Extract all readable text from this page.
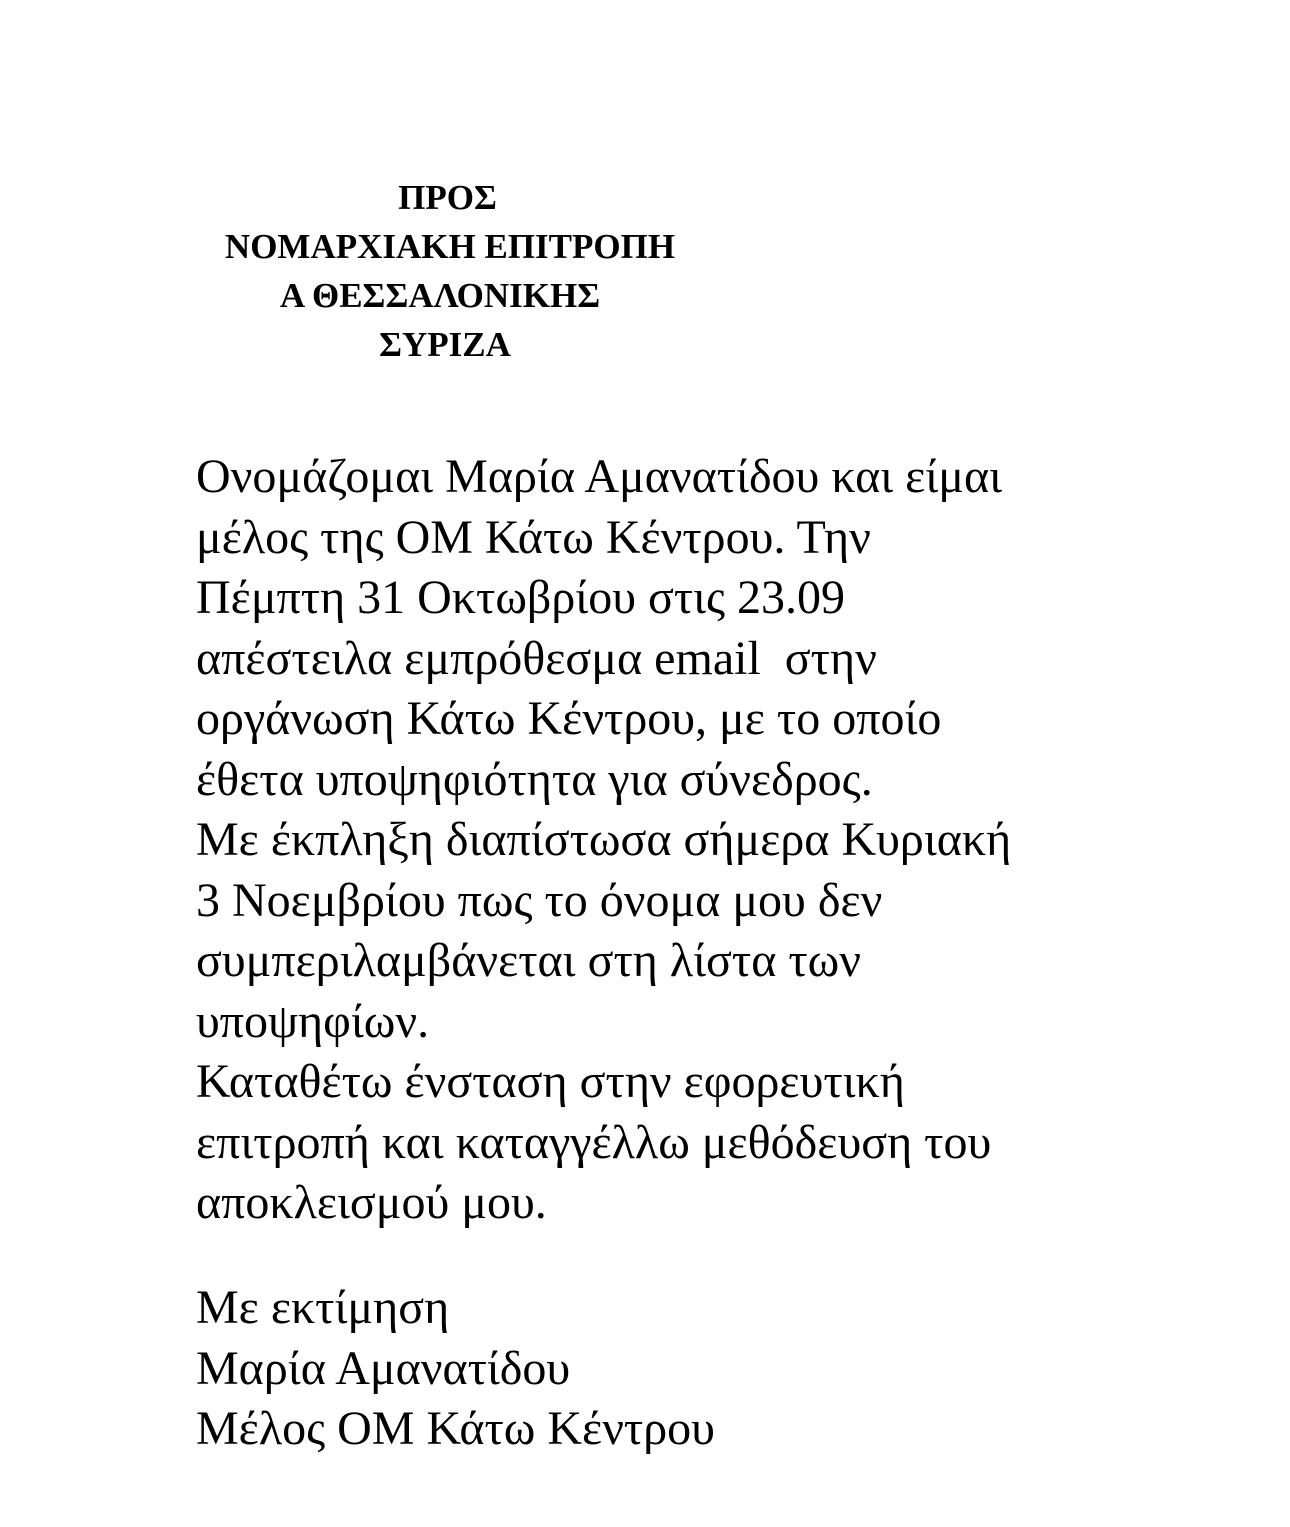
ΠΡΟΣ
ΝΟΜΑΡΧΙΑΚΗ ΕΠΙΤΡΟΠΗ
Α ΘΕΣΣΑΛΟΝΙΚΗΣ
ΣΥΡΙΖΑ
Ονομάζομαι Μαρία Αμανατίδου και είμαι
μέλος της ΟΜ Κάτω Κέντρου. Την
Πέμπτη 31 Οκτωβρίου στις 23.09
απέστειλα εμπρόθεσμα email  στην
οργάνωση Κάτω Κέντρου, με το οποίο
έθετα υποψηφιότητα για σύνεδρος.
Με έκπληξη διαπίστωσα σήμερα Κυριακή
3 Νοεμβρίου πως το όνομα μου δεν
συμπεριλαμβάνεται στη λίστα των
υποψηφίων.
Καταθέτω ένσταση στην εφορευτική
επιτροπή και καταγγέλλω μεθόδευση του
αποκλεισμού μου.
Με εκτίμηση
Μαρία Αμανατίδου
Μέλος ΟΜ Κάτω Κέντρου
